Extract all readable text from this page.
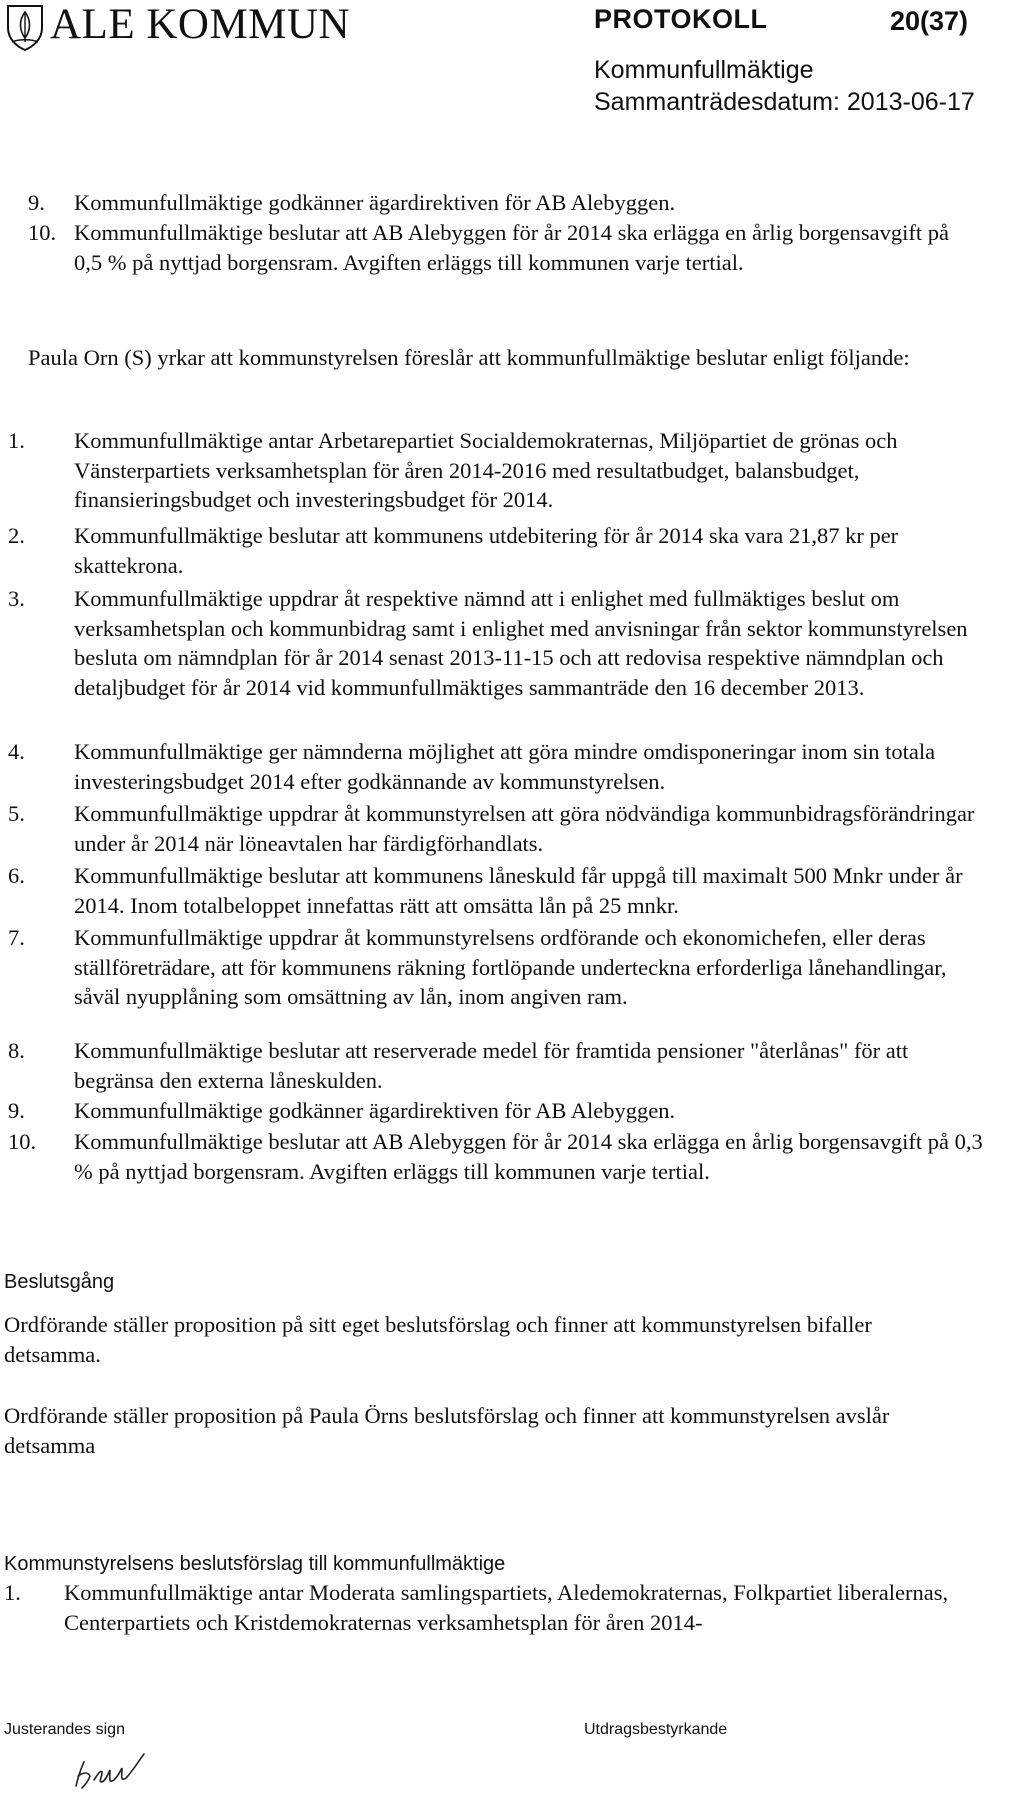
ALE KOMMUN	PROTOKOLL	20(37)
Kommunfullmäktige
Sammanträdesdatum: 2013-06-17
9. Kommunfullmäktige godkänner ägardirektiven för AB Alebyggen.
10. Kommunfullmäktige beslutar att AB Alebyggen för år 2014 ska erlägga en årlig borgensavgift på 0,5 % på nyttjad borgensram. Avgiften erläggs till kommunen varje tertial.
Paula Orn (S) yrkar att kommunstyrelsen föreslår att kommunfullmäktige beslutar enligt följande:
1. Kommunfullmäktige antar Arbetarepartiet Socialdemokraternas, Miljöpartiet de grönas och Vänsterpartiets verksamhetsplan för åren 2014-2016 med resultatbudget, balansbudget, finansieringsbudget och investeringsbudget för 2014.
2. Kommunfullmäktige beslutar att kommunens utdebitering för år 2014 ska vara 21,87 kr per skattekrona.
3. Kommunfullmäktige uppdrar åt respektive nämnd att i enlighet med fullmäktiges beslut om verksamhetsplan och kommunbidrag samt i enlighet med anvisningar från sektor kommunstyrelsen besluta om nämndplan för år 2014 senast 2013-11-15 och att redovisa respektive nämndplan och detaljbudget för år 2014 vid kommunfullmäktiges sammanträde den 16 december 2013.
4. Kommunfullmäktige ger nämnderna möjlighet att göra mindre omdisponeringar inom sin totala investeringsbudget 2014 efter godkännande av kommunstyrelsen.
5. Kommunfullmäktige uppdrar åt kommunstyrelsen att göra nödvändiga kommunbidragsförändringar under år 2014 när löneavtalen har färdigförhandlats.
6. Kommunfullmäktige beslutar att kommunens låneskuld får uppgå till maximalt 500 Mnkr under år 2014. Inom totalbeloppet innefattas rätt att omsätta lån på 25 mnkr.
7. Kommunfullmäktige uppdrar åt kommunstyrelsens ordförande och ekonomichefen, eller deras ställföreträdare, att för kommunens räkning fortlöpande underteckna erforderliga lånehandlingar, såväl nyupplåning som omsättning av lån, inom angiven ram.
8. Kommunfullmäktige beslutar att reserverade medel för framtida pensioner "återlånas" för att begränsa den externa låneskulden.
9. Kommunfullmäktige godkänner ägardirektiven för AB Alebyggen.
10. Kommunfullmäktige beslutar att AB Alebyggen för år 2014 ska erlägga en årlig borgensavgift på 0,3 % på nyttjad borgensram. Avgiften erläggs till kommunen varje tertial.
Beslutsgång
Ordförande ställer proposition på sitt eget beslutsförslag och finner att kommunstyrelsen bifaller detsamma.
Ordförande ställer proposition på Paula Örns beslutsförslag och finner att kommunstyrelsen avslår detsamma
Kommunstyrelsens beslutsförslag till kommunfullmäktige
1. Kommunfullmäktige antar Moderata samlingspartiets, Aledemokraternas, Folkpartiet liberalernas, Centerpartiets och Kristdemokraternas verksamhetsplan för åren 2014-
Justerandes sign	Utdragsbestyrkande
